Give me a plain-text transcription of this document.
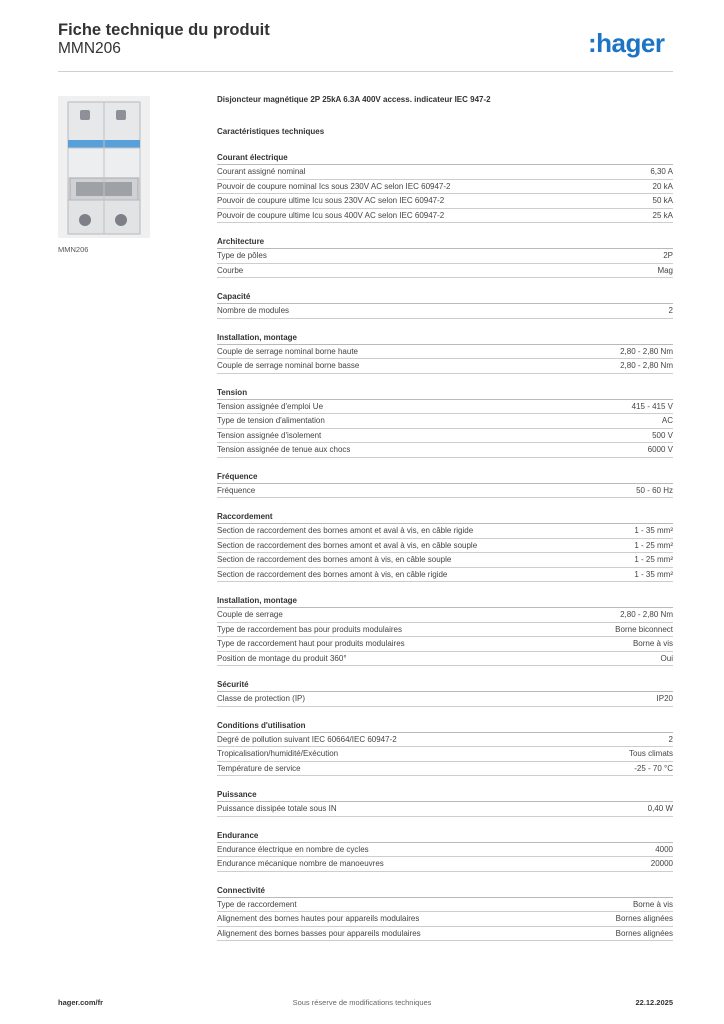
Fiche technique du produit
MMN206	:hager
MMN206
Disjoncteur magnétique 2P 25kA 6.3A 400V access. indicateur IEC 947-2
Caractéristiques techniques
Courant électrique
Courant assigné nominal	6,30 A
Pouvoir de coupure nominal Ics sous 230V AC selon IEC 60947-2	20 kA
Pouvoir de coupure ultime Icu sous 230V AC selon IEC 60947-2	50 kA
Pouvoir de coupure ultime Icu sous 400V AC selon IEC 60947-2	25 kA
Architecture
Type de pôles	2P
Courbe	Mag
Capacité
Nombre de modules	2
Installation, montage
Couple de serrage nominal borne haute	2,80 - 2,80 Nm
Couple de serrage nominal borne basse	2,80 - 2,80 Nm
Tension
Tension assignée d'emploi Ue	415 - 415 V
Type de tension d'alimentation	AC
Tension assignée d'isolement	500 V
Tension assignée de tenue aux chocs	6000 V
Fréquence
Fréquence	50 - 60 Hz
Raccordement
Section de raccordement des bornes amont et aval à vis, en câble rigide	1 - 35 mm²
Section de raccordement des bornes amont et aval à vis, en câble souple	1 - 25 mm²
Section de raccordement des bornes amont à vis, en câble souple	1 - 25 mm²
Section de raccordement des bornes amont à vis, en câble rigide	1 - 35 mm²
Installation, montage
Couple de serrage	2,80 - 2,80 Nm
Type de raccordement bas pour produits modulaires	Borne biconnect
Type de raccordement haut pour produits modulaires	Borne à vis
Position de montage du produit 360°	Oui
Sécurité
Classe de protection (IP)	IP20
Conditions d'utilisation
Degré de pollution suivant IEC 60664/IEC 60947-2	2
Tropicalisation/humidité/Exécution	Tous climats
Température de service	-25 - 70 °C
Puissance
Puissance dissipée totale sous IN	0,40 W
Endurance
Endurance électrique en nombre de cycles	4000
Endurance mécanique nombre de manoeuvres	20000
Connectivité
Type de raccordement	Borne à vis
Alignement des bornes hautes pour appareils modulaires	Bornes alignées
Alignement des bornes basses pour appareils modulaires	Bornes alignées
hager.com/fr	Sous réserve de modifications techniques	22.12.2025
